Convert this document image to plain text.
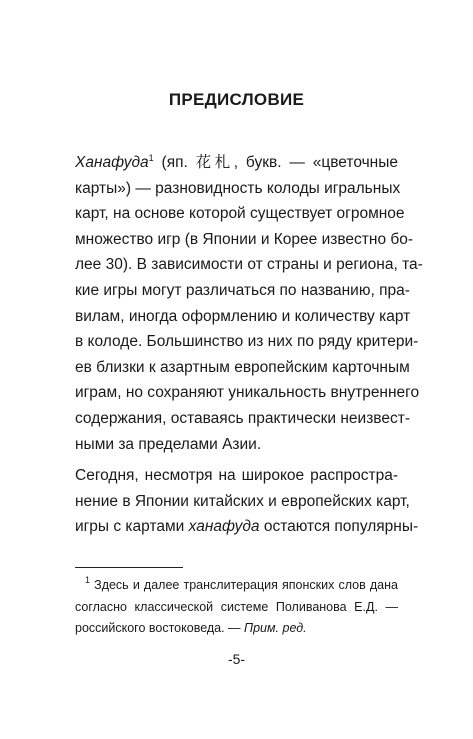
ПРЕДИСЛОВИЕ
Ханафуда$^1$ (яп. 花札, букв. — «цветочные
карты») — разновидность колоды игральных
карт, на основе которой существует огромное
множество игр (в Японии и Корее известно бо-
лее 30). В зависимости от страны и региона, та-
кие игры могут различаться по названию, пра-
вилам, иногда оформлению и количеству карт
в колоде. Большинство из них по ряду критери-
ев близки к азартным европейским карточным
играм, но сохраняют уникальность внутреннего
содержания, оставаясь практически неизвест-
ными за пределами Азии.
Сегодня, несмотря на широкое распростра-
нение в Японии китайских и европейских карт,
игры с картами ханафуда остаются популярны-
$^1$ Здесь и далее транслитерация японских слов дана
согласно классической системе Поливанова Е.Д. —
российского востоковеда. — Прим. ред.
-5-
